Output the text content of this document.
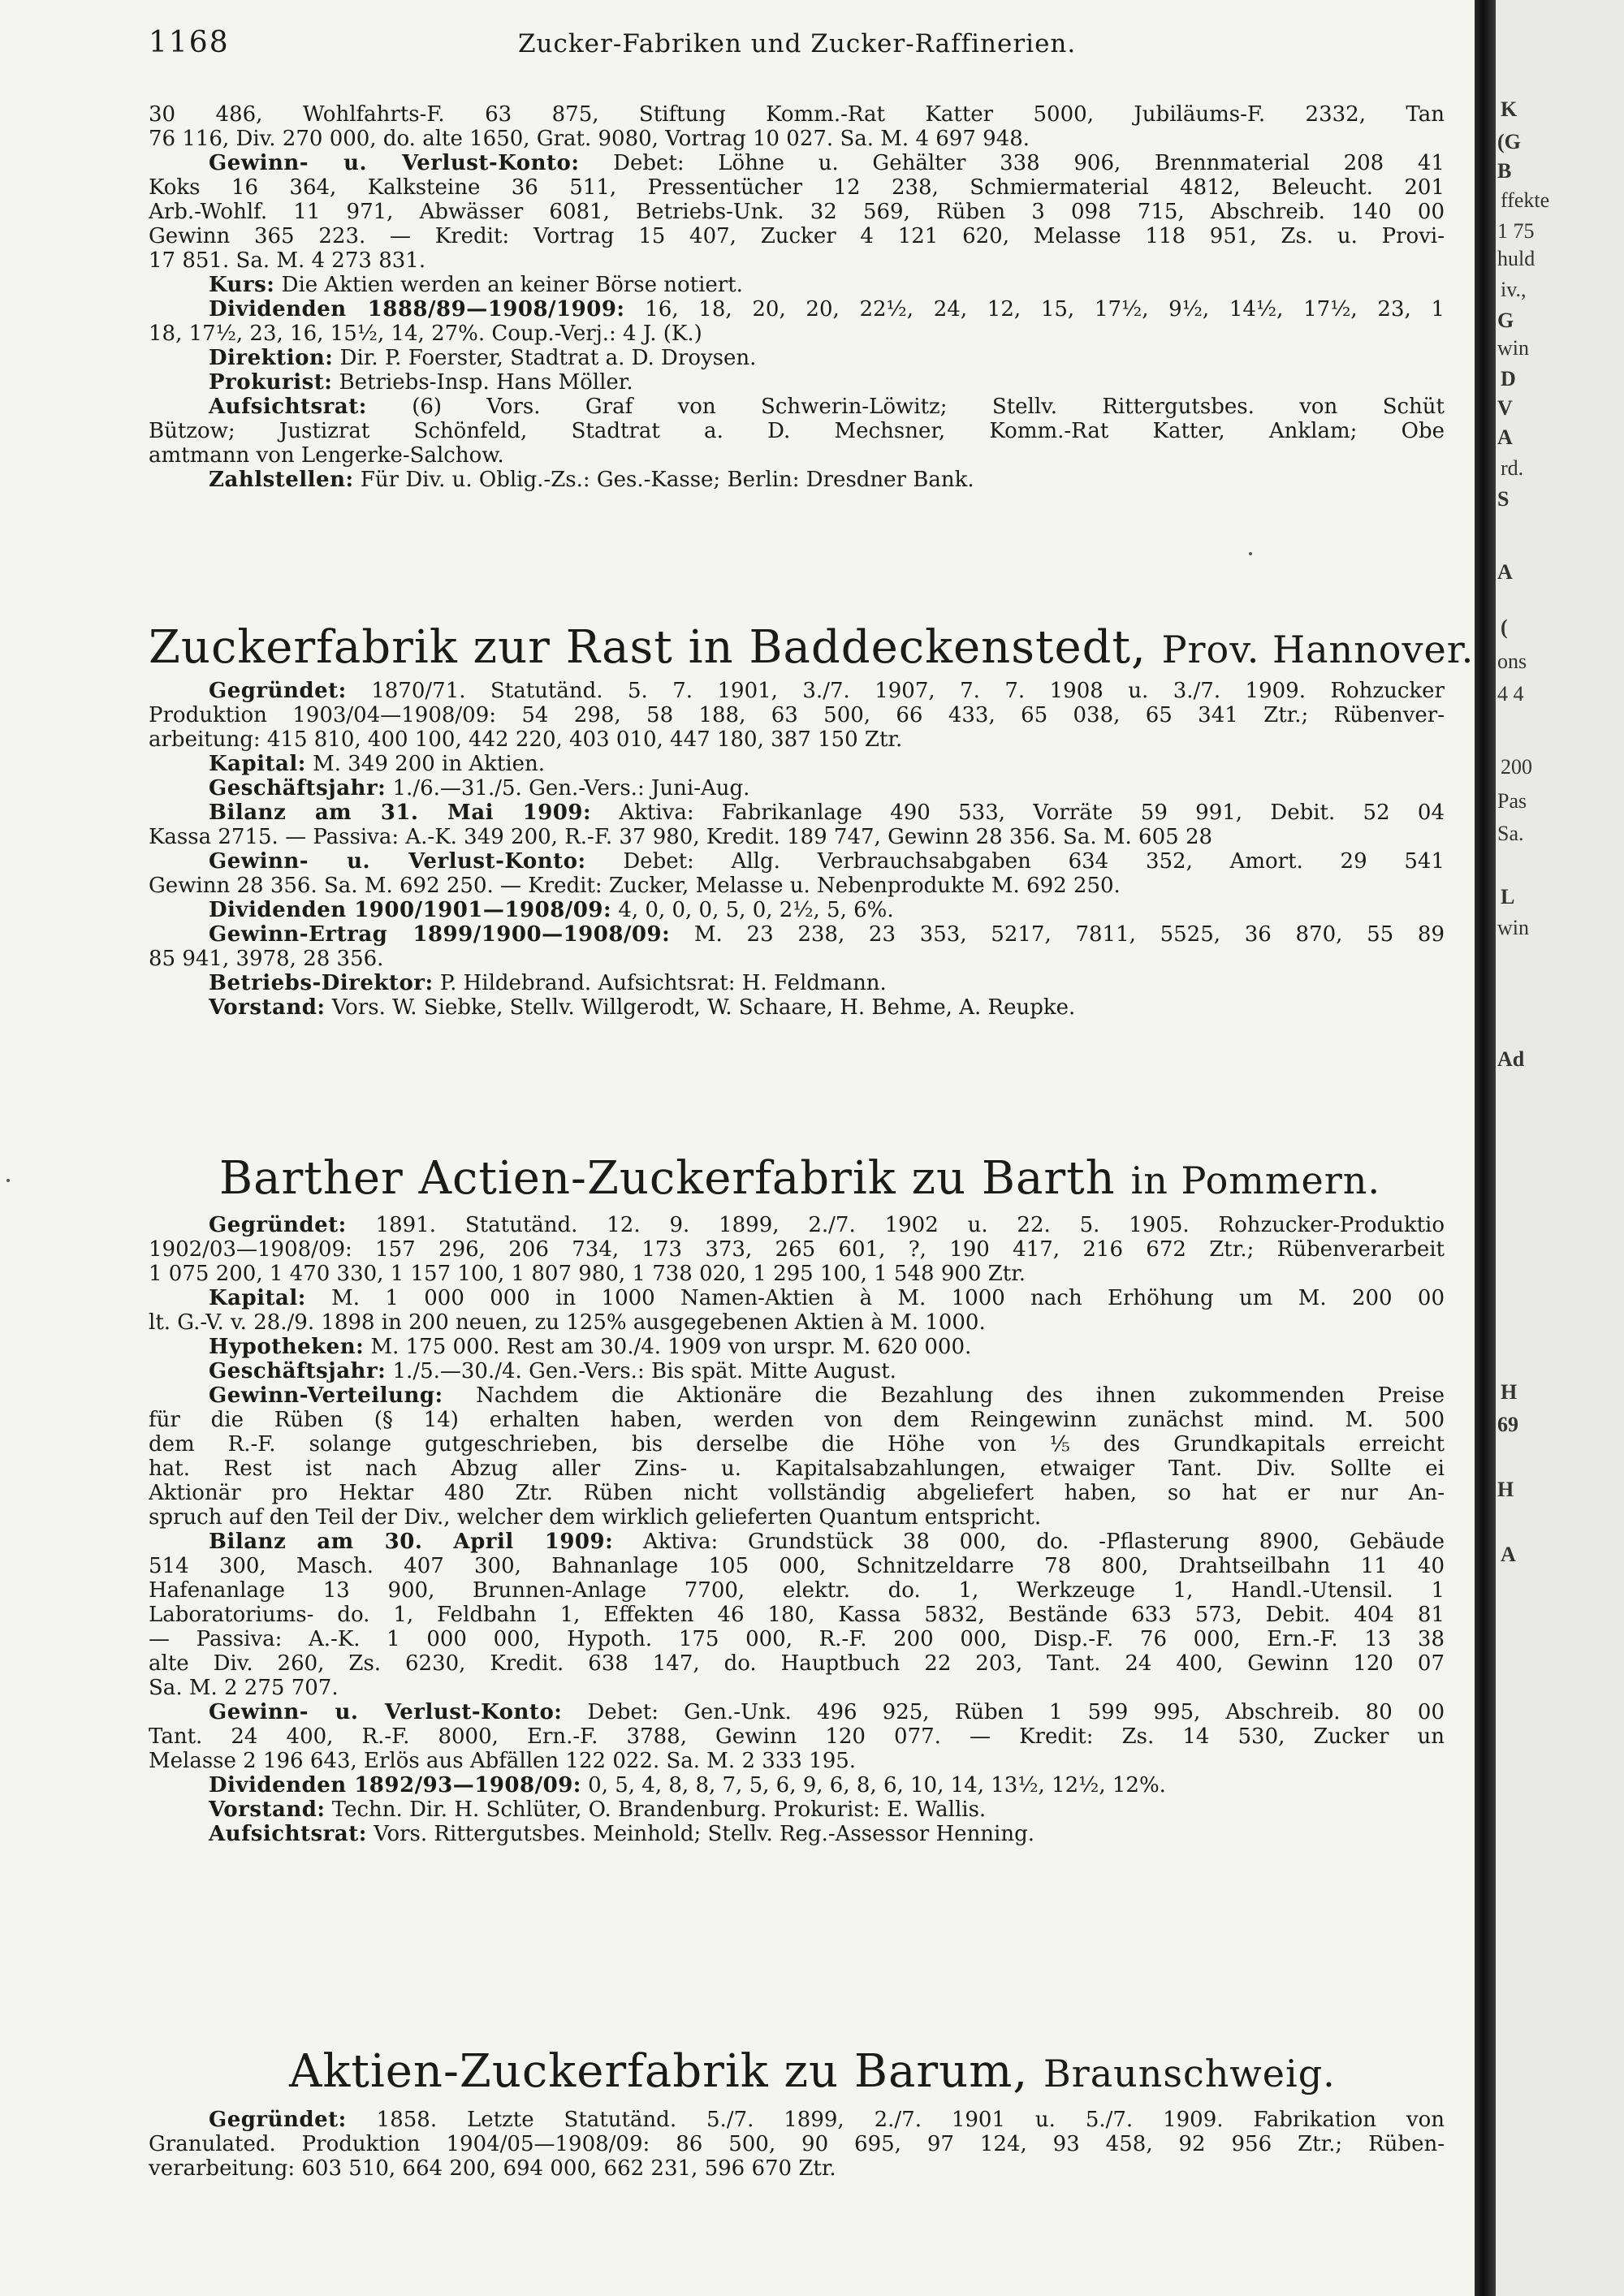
K
(G
B
ffekte
1 75
huld
iv.,
G
win
D
V
A
rd.
S
A
(
ons
4 4
200
Pas
Sa.
L
win
Ad
H
69
H
A
1168	Zucker-Fabriken und Zucker-Raffinerien.
30 486, Wohlfahrts-F. 63 875, Stiftung Komm.-Rat Katter 5000, Jubiläums-F. 2332, Tan
76 116, Div. 270 000, do. alte 1650, Grat. 9080, Vortrag 10 027. Sa. M. 4 697 948.
Gewinn- u. Verlust-Konto: Debet: Löhne u. Gehälter 338 906, Brennmaterial 208 41
Koks 16 364, Kalksteine 36 511, Pressentücher 12 238, Schmiermaterial 4812, Beleucht. 201
Arb.-Wohlf. 11 971, Abwässer 6081, Betriebs-Unk. 32 569, Rüben 3 098 715, Abschreib. 140 00
Gewinn 365 223. — Kredit: Vortrag 15 407, Zucker 4 121 620, Melasse 118 951, Zs. u. Provi-
17 851. Sa. M. 4 273 831.
Kurs: Die Aktien werden an keiner Börse notiert.
Dividenden 1888/89—1908/1909: 16, 18, 20, 20, 22½, 24, 12, 15, 17½, 9½, 14½, 17½, 23, 1
18, 17½, 23, 16, 15½, 14, 27%. Coup.-Verj.: 4 J. (K.)
Direktion: Dir. P. Foerster, Stadtrat a. D. Droysen.
Prokurist: Betriebs-Insp. Hans Möller.
Aufsichtsrat: (6) Vors. Graf von Schwerin-Löwitz; Stellv. Rittergutsbes. von Schüt
Bützow; Justizrat Schönfeld, Stadtrat a. D. Mechsner, Komm.-Rat Katter, Anklam; Obe
amtmann von Lengerke-Salchow.
Zahlstellen: Für Div. u. Oblig.-Zs.: Ges.-Kasse; Berlin: Dresdner Bank.
Zuckerfabrik zur Rast in Baddeckenstedt, Prov. Hannover.
Gegründet: 1870/71. Statutänd. 5. 7. 1901, 3./7. 1907, 7. 7. 1908 u. 3./7. 1909. Rohzucker
Produktion 1903/04—1908/09: 54 298, 58 188, 63 500, 66 433, 65 038, 65 341 Ztr.; Rübenver-
arbeitung: 415 810, 400 100, 442 220, 403 010, 447 180, 387 150 Ztr.
Kapital: M. 349 200 in Aktien.
Geschäftsjahr: 1./6.—31./5. Gen.-Vers.: Juni-Aug.
Bilanz am 31. Mai 1909: Aktiva: Fabrikanlage 490 533, Vorräte 59 991, Debit. 52 04
Kassa 2715. — Passiva: A.-K. 349 200, R.-F. 37 980, Kredit. 189 747, Gewinn 28 356. Sa. M. 605 28
Gewinn- u. Verlust-Konto: Debet: Allg. Verbrauchsabgaben 634 352, Amort. 29 541
Gewinn 28 356. Sa. M. 692 250. — Kredit: Zucker, Melasse u. Nebenprodukte M. 692 250.
Dividenden 1900/1901—1908/09: 4, 0, 0, 0, 5, 0, 2½, 5, 6%.
Gewinn-Ertrag 1899/1900—1908/09: M. 23 238, 23 353, 5217, 7811, 5525, 36 870, 55 89
85 941, 3978, 28 356.
Betriebs-Direktor: P. Hildebrand. Aufsichtsrat: H. Feldmann.
Vorstand: Vors. W. Siebke, Stellv. Willgerodt, W. Schaare, H. Behme, A. Reupke.
Barther Actien-Zuckerfabrik zu Barth in Pommern.
Gegründet: 1891. Statutänd. 12. 9. 1899, 2./7. 1902 u. 22. 5. 1905. Rohzucker-Produktio
1902/03—1908/09: 157 296, 206 734, 173 373, 265 601, ?, 190 417, 216 672 Ztr.; Rübenverarbeit
1 075 200, 1 470 330, 1 157 100, 1 807 980, 1 738 020, 1 295 100, 1 548 900 Ztr.
Kapital: M. 1 000 000 in 1000 Namen-Aktien à M. 1000 nach Erhöhung um M. 200 00
lt. G.-V. v. 28./9. 1898 in 200 neuen, zu 125% ausgegebenen Aktien à M. 1000.
Hypotheken: M. 175 000. Rest am 30./4. 1909 von urspr. M. 620 000.
Geschäftsjahr: 1./5.—30./4. Gen.-Vers.: Bis spät. Mitte August.
Gewinn-Verteilung: Nachdem die Aktionäre die Bezahlung des ihnen zukommenden Preise
für die Rüben (§ 14) erhalten haben, werden von dem Reingewinn zunächst mind. M. 500
dem R.-F. solange gutgeschrieben, bis derselbe die Höhe von ⅕ des Grundkapitals erreicht
hat. Rest ist nach Abzug aller Zins- u. Kapitalsabzahlungen, etwaiger Tant. Div. Sollte ei
Aktionär pro Hektar 480 Ztr. Rüben nicht vollständig abgeliefert haben, so hat er nur An-
spruch auf den Teil der Div., welcher dem wirklich gelieferten Quantum entspricht.
Bilanz am 30. April 1909: Aktiva: Grundstück 38 000, do. -Pflasterung 8900, Gebäude
514 300, Masch. 407 300, Bahnanlage 105 000, Schnitzeldarre 78 800, Drahtseilbahn 11 40
Hafenanlage 13 900, Brunnen-Anlage 7700, elektr. do. 1, Werkzeuge 1, Handl.-Utensil. 1
Laboratoriums- do. 1, Feldbahn 1, Effekten 46 180, Kassa 5832, Bestände 633 573, Debit. 404 81
— Passiva: A.-K. 1 000 000, Hypoth. 175 000, R.-F. 200 000, Disp.-F. 76 000, Ern.-F. 13 38
alte Div. 260, Zs. 6230, Kredit. 638 147, do. Hauptbuch 22 203, Tant. 24 400, Gewinn 120 07
Sa. M. 2 275 707.
Gewinn- u. Verlust-Konto: Debet: Gen.-Unk. 496 925, Rüben 1 599 995, Abschreib. 80 00
Tant. 24 400, R.-F. 8000, Ern.-F. 3788, Gewinn 120 077. — Kredit: Zs. 14 530, Zucker un
Melasse 2 196 643, Erlös aus Abfällen 122 022. Sa. M. 2 333 195.
Dividenden 1892/93—1908/09: 0, 5, 4, 8, 8, 7, 5, 6, 9, 6, 8, 6, 10, 14, 13½, 12½, 12%.
Vorstand: Techn. Dir. H. Schlüter, O. Brandenburg. Prokurist: E. Wallis.
Aufsichtsrat: Vors. Rittergutsbes. Meinhold; Stellv. Reg.-Assessor Henning.
Aktien-Zuckerfabrik zu Barum, Braunschweig.
Gegründet: 1858. Letzte Statutänd. 5./7. 1899, 2./7. 1901 u. 5./7. 1909. Fabrikation von
Granulated. Produktion 1904/05—1908/09: 86 500, 90 695, 97 124, 93 458, 92 956 Ztr.; Rüben-
verarbeitung: 603 510, 664 200, 694 000, 662 231, 596 670 Ztr.
